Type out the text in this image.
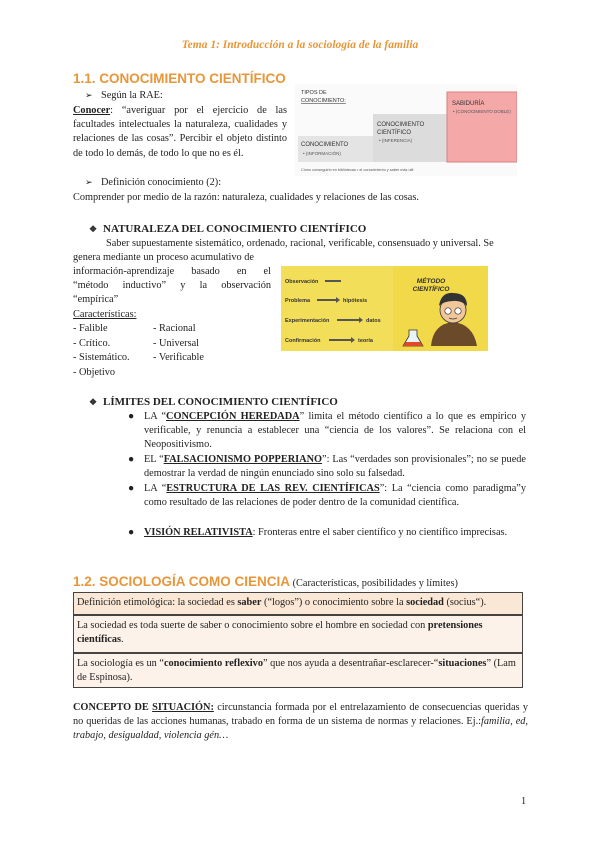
Tema 1: Introducción a la sociología de la familia
1.1. CONOCIMIENTO CIENTÍFICO
➢ Según la RAE:
Conocer: “averiguar por el ejercicio de las facultades intelectuales la naturaleza, cualidades y relaciones de las cosas”. Percibir el objeto distinto de todo lo demás, de todo lo que no es él.
TIPOS DE
CONOCIMIENTO:
CONOCIMIENTO
• (INFORMACIÓN)
CONOCIMIENTO
CIENTÍFICO
• (INFERENCIA)
SABIDURÍA
• (CONOCIMIENTO DOBLE)
Cómo conseguirlo en bibliotecas • el conocimiento y saber más útil
➢ Definición conocimiento (2):
Comprender por medio de la razón: naturaleza, cualidades y relaciones de las cosas.
❖ NATURALEZA DEL CONOCIMIENTO CIENTÍFICO
Saber supuestamente sistemático, ordenado, racional, verificable, consensuado y universal. Se
genera mediante un proceso acumulativo de
información-aprendizaje basado en el
“método inductivo” y la observación
“empírica”
Características:
- Falible	- Racional
- Crítico.	- Universal
- Sistemático. - Verificable
- Objetivo
MÉTODO
CIENTÍFICO
Observación
Problema	hipótesis
Experimentación	datos
Confirmación	teoría
❖ LÍMITES DEL CONOCIMIENTO CIENTÍFICO
● LA “CONCEPCIÓN HEREDADA” limita el método científico a lo que es empírico y verificable, y renuncia a establecer una “ciencia de los valores”. Se relaciona con el Neopositivismo.
● EL “FALSACIONISMO POPPERIANO”: Las “verdades son provisionales”; no se puede demostrar la verdad de ningún enunciado sino solo su falsedad.
● LA “ESTRUCTURA DE LAS REV. CIENTÍFICAS”: La “ciencia como paradigma”y como resultado de las relaciones de poder dentro de la comunidad científica.
● VISIÓN RELATIVISTA: Fronteras entre el saber científico y no científico imprecisas.
1.2. SOCIOLOGÍA COMO CIENCIA (Características, posibilidades y límites)
Definición etimológica: la sociedad es saber (“logos”) o conocimiento sobre la sociedad (socius“).
La sociedad es toda suerte de saber o conocimiento sobre el hombre en sociedad con pretensiones científicas.
La sociología es un “conocimiento reflexivo” que nos ayuda a desentrañar-esclarecer-“situaciones” (Lam de Espinosa).
CONCEPTO DE SITUACIÓN: circunstancia formada por el entrelazamiento de consecuencias queridas y no queridas de las acciones humanas, trabado en forma de un sistema de normas y relaciones. Ej.:familia, ed, trabajo, desigualdad, violencia gén…
1
